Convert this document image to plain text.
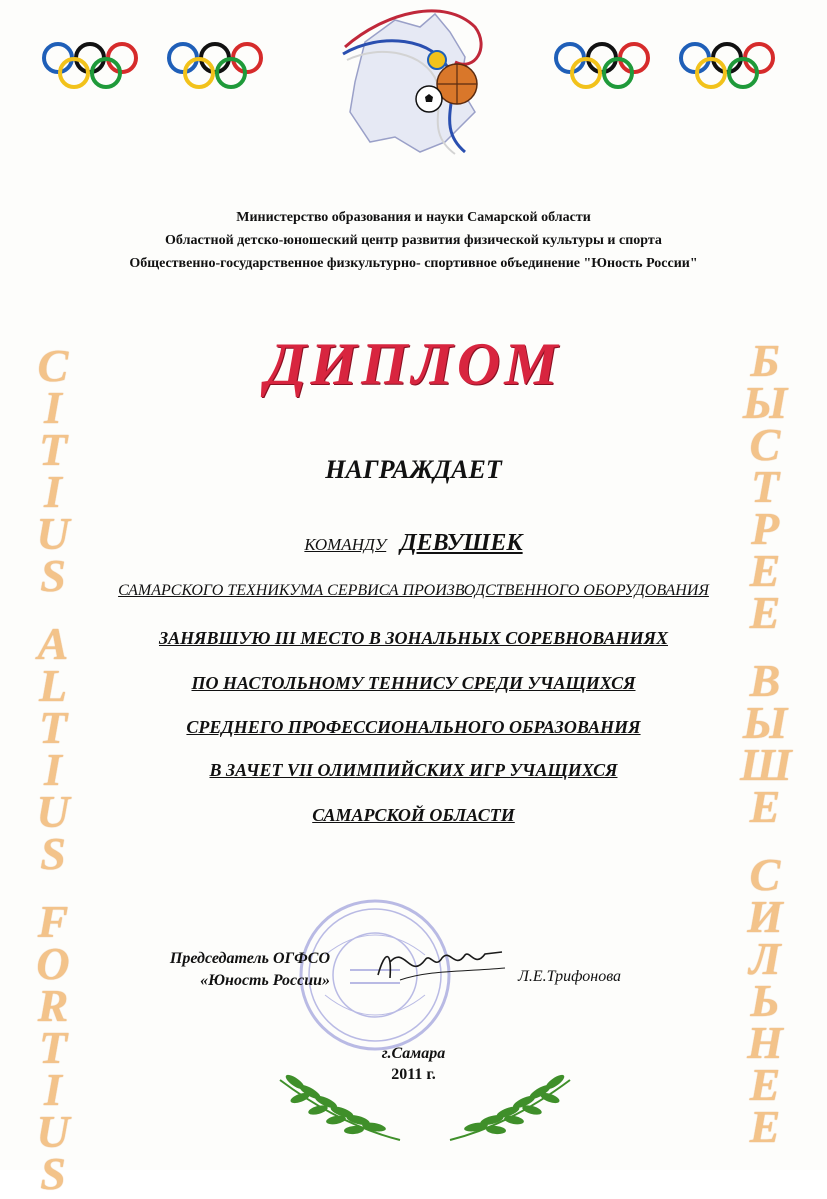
Министерство образования и науки Самарской области
Областной детско-юношеский центр развития физической культуры и спорта
Общественно-государственное физкультурно- спортивное объединение "Юность России"
ДИПЛОМ
C
I
T
I
U
S
A
L
T
I
U
S
F
O
R
T
I
U
S
Б
Ы
С
Т
Р
Е
Е
В
Ы
Ш
Е
С
И
Л
Ь
Н
Е
Е
НАГРАЖДАЕТ
КОМАНДУ ДЕВУШЕК
САМАРСКОГО ТЕХНИКУМА СЕРВИСА ПРОИЗВОДСТВЕННОГО ОБОРУДОВАНИЯ
ЗАНЯВШУЮ III МЕСТО В ЗОНАЛЬНЫХ СОРЕВНОВАНИЯХ
ПО НАСТОЛЬНОМУ ТЕННИСУ СРЕДИ УЧАЩИХСЯ
СРЕДНЕГО ПРОФЕССИОНАЛЬНОГО ОБРАЗОВАНИЯ
В ЗАЧЕТ VII ОЛИМПИЙСКИХ ИГР УЧАЩИХСЯ
САМАРСКОЙ ОБЛАСТИ
Председатель ОГФСО
«Юность России»	Л.Е.Трифонова
г.Самара
2011 г.
